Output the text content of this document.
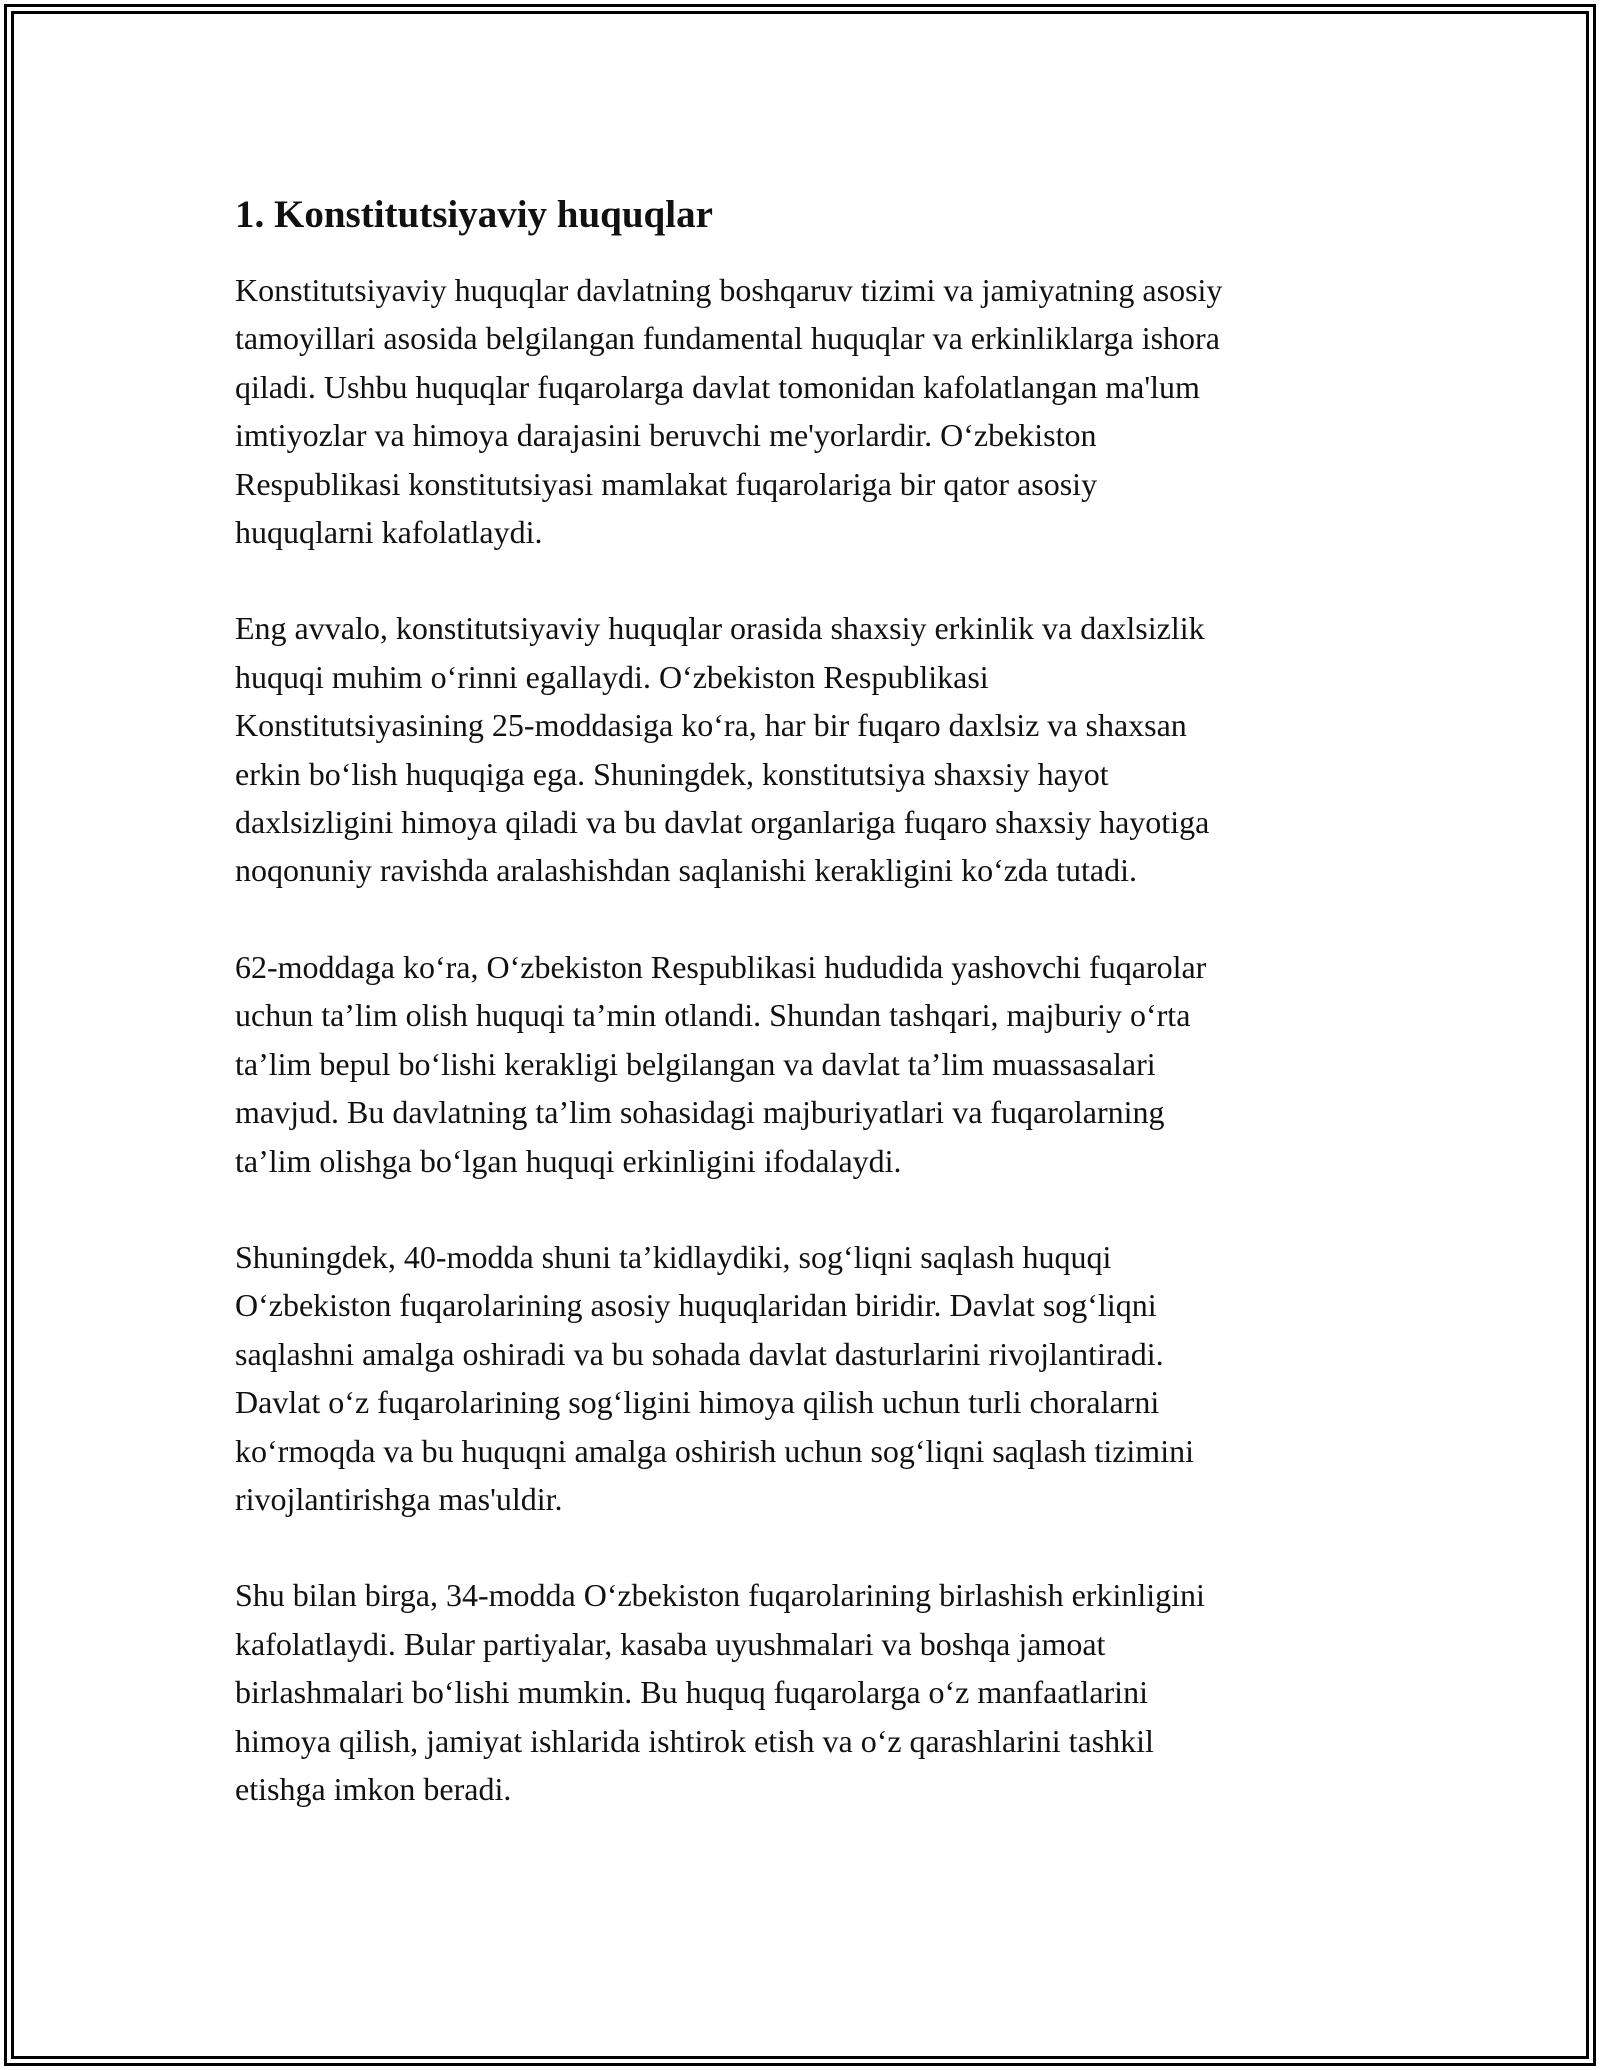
1. Konstitutsiyaviy huquqlar

Konstitutsiyaviy huquqlar davlatning boshqaruv tizimi va jamiyatning asosiy
tamoyillari asosida belgilangan fundamental huquqlar va erkinliklarga ishora
qiladi. Ushbu huquqlar fuqarolarga davlat tomonidan kafolatlangan ma'lum
imtiyozlar va himoya darajasini beruvchi me'yorlardir. O‘zbekiston
Respublikasi konstitutsiyasi mamlakat fuqarolariga bir qator asosiy
huquqlarni kafolatlaydi.

Eng avvalo, konstitutsiyaviy huquqlar orasida shaxsiy erkinlik va daxlsizlik
huquqi muhim o‘rinni egallaydi. O‘zbekiston Respublikasi
Konstitutsiyasining 25-moddasiga ko‘ra, har bir fuqaro daxlsiz va shaxsan
erkin bo‘lish huquqiga ega. Shuningdek, konstitutsiya shaxsiy hayot
daxlsizligini himoya qiladi va bu davlat organlariga fuqaro shaxsiy hayotiga
noqonuniy ravishda aralashishdan saqlanishi kerakligini ko‘zda tutadi.

62-moddaga ko‘ra, O‘zbekiston Respublikasi hududida yashovchi fuqarolar
uchun ta’lim olish huquqi ta’min otlandi. Shundan tashqari, majburiy o‘rta
ta’lim bepul bo‘lishi kerakligi belgilangan va davlat ta’lim muassasalari
mavjud. Bu davlatning ta’lim sohasidagi majburiyatlari va fuqarolarning
ta’lim olishga bo‘lgan huquqi erkinligini ifodalaydi.

Shuningdek, 40-modda shuni ta’kidlaydiki, sog‘liqni saqlash huquqi
O‘zbekiston fuqarolarining asosiy huquqlaridan biridir. Davlat sog‘liqni
saqlashni amalga oshiradi va bu sohada davlat dasturlarini rivojlantiradi.
Davlat o‘z fuqarolarining sog‘ligini himoya qilish uchun turli choralarni
ko‘rmoqda va bu huquqni amalga oshirish uchun sog‘liqni saqlash tizimini
rivojlantirishga mas'uldir.

Shu bilan birga, 34-modda O‘zbekiston fuqarolarining birlashish erkinligini
kafolatlaydi. Bular partiyalar, kasaba uyushmalari va boshqa jamoat
birlashmalari bo‘lishi mumkin. Bu huquq fuqarolarga o‘z manfaatlarini
himoya qilish, jamiyat ishlarida ishtirok etish va o‘z qarashlarini tashkil
etishga imkon beradi.
